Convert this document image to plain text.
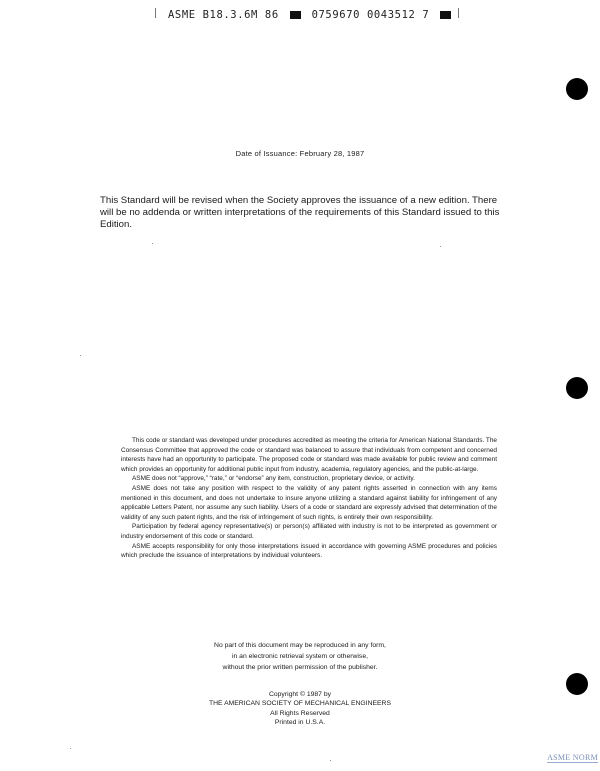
ASME B18.3.6M 86	0759670 0043512 7
Date of Issuance: February 28, 1987
This Standard will be revised when the Society approves the issuance of a new edition. There will be no addenda or written interpretations of the requirements of this Standard issued to this Edition.

This code or standard was developed under procedures accredited as meeting the criteria for American National Standards. The Consensus Committee that approved the code or standard was balanced to assure that individuals from competent and concerned interests have had an opportunity to participate. The proposed code or standard was made available for public review and comment which provides an opportunity for additional public input from industry, academia, regulatory agencies, and the public-at-large.

ASME does not “approve,” “rate,” or “endorse” any item, construction, proprietary device, or activity.

ASME does not take any position with respect to the validity of any patent rights asserted in connection with any items mentioned in this document, and does not undertake to insure anyone utilizing a standard against liability for infringement of any applicable Letters Patent, nor assume any such liability. Users of a code or standard are expressly advised that determination of the validity of any such patent rights, and the risk of infringement of such rights, is entirely their own responsibility.

Participation by federal agency representative(s) or person(s) affiliated with industry is not to be interpreted as government or industry endorsement of this code or standard.

ASME accepts responsibility for only those interpretations issued in accordance with governing ASME procedures and policies which preclude the issuance of interpretations by individual volunteers.

No part of this document may be reproduced in any form,
in an electronic retrieval system or otherwise,
without the prior written permission of the publisher.
Copyright © 1987 by
THE AMERICAN SOCIETY OF MECHANICAL ENGINEERS
All Rights Reserved
Printed in U.S.A.
ASME NORM
